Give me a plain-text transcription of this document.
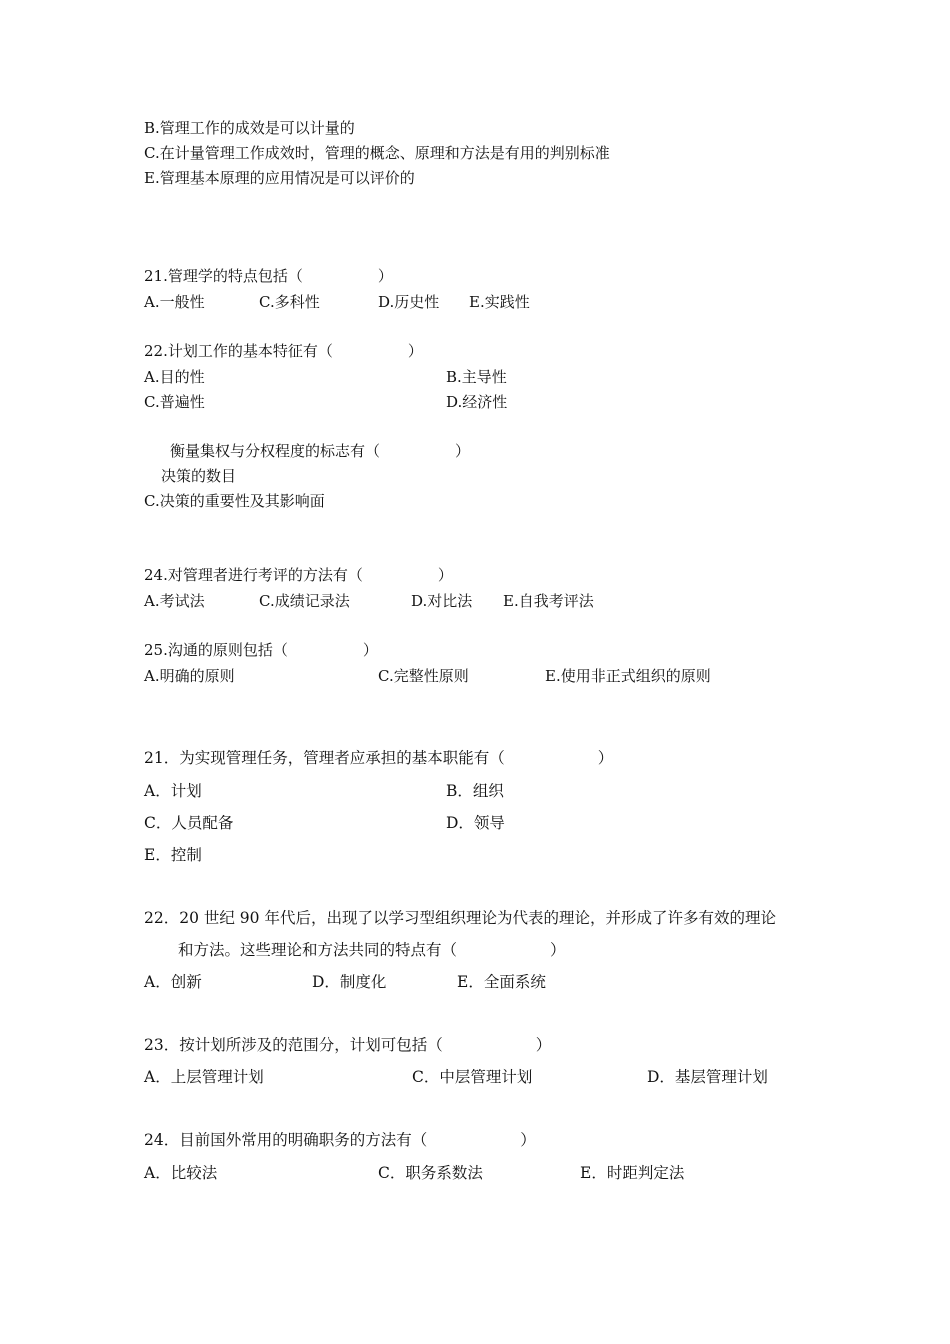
B.管理工作的成效是可以计量的
C.在计量管理工作成效时，管理的概念、原理和方法是有用的判别标准
E.管理基本原理的应用情况是可以评价的
21.管理学的特点包括（　　　　　）
A.一般性	C.多科性	D.历史性 E.实践性
22.计划工作的基本特征有（　　　　　）
A.目的性	B.主导性
C.普遍性	D.经济性
衡量集权与分权程度的标志有（　　　　　）
决策的数目
C.决策的重要性及其影响面
24.对管理者进行考评的方法有（　　　　　）
A.考试法	C.成绩记录法	D.对比法 E.自我考评法
25.沟通的原则包括（　　　　　）
A.明确的原则	C.完整性原则	E.使用非正式组织的原则
21．为实现管理任务，管理者应承担的基本职能有（　　　　　　）
A．计划	B．组织
C．人员配备	D．领导
E．控制
22．20 世纪 90 年代后，出现了以学习型组织理论为代表的理论，并形成了许多有效的理论
和方法。这些理论和方法共同的特点有（　　　　　　）
A．创新	D．制度化	E．全面系统
23．按计划所涉及的范围分，计划可包括（　　　　　　）
A．上层管理计划	C．中层管理计划	D．基层管理计划
24．目前国外常用的明确职务的方法有（　　　　　　）
A．比较法	C．职务系数法	E．时距判定法
